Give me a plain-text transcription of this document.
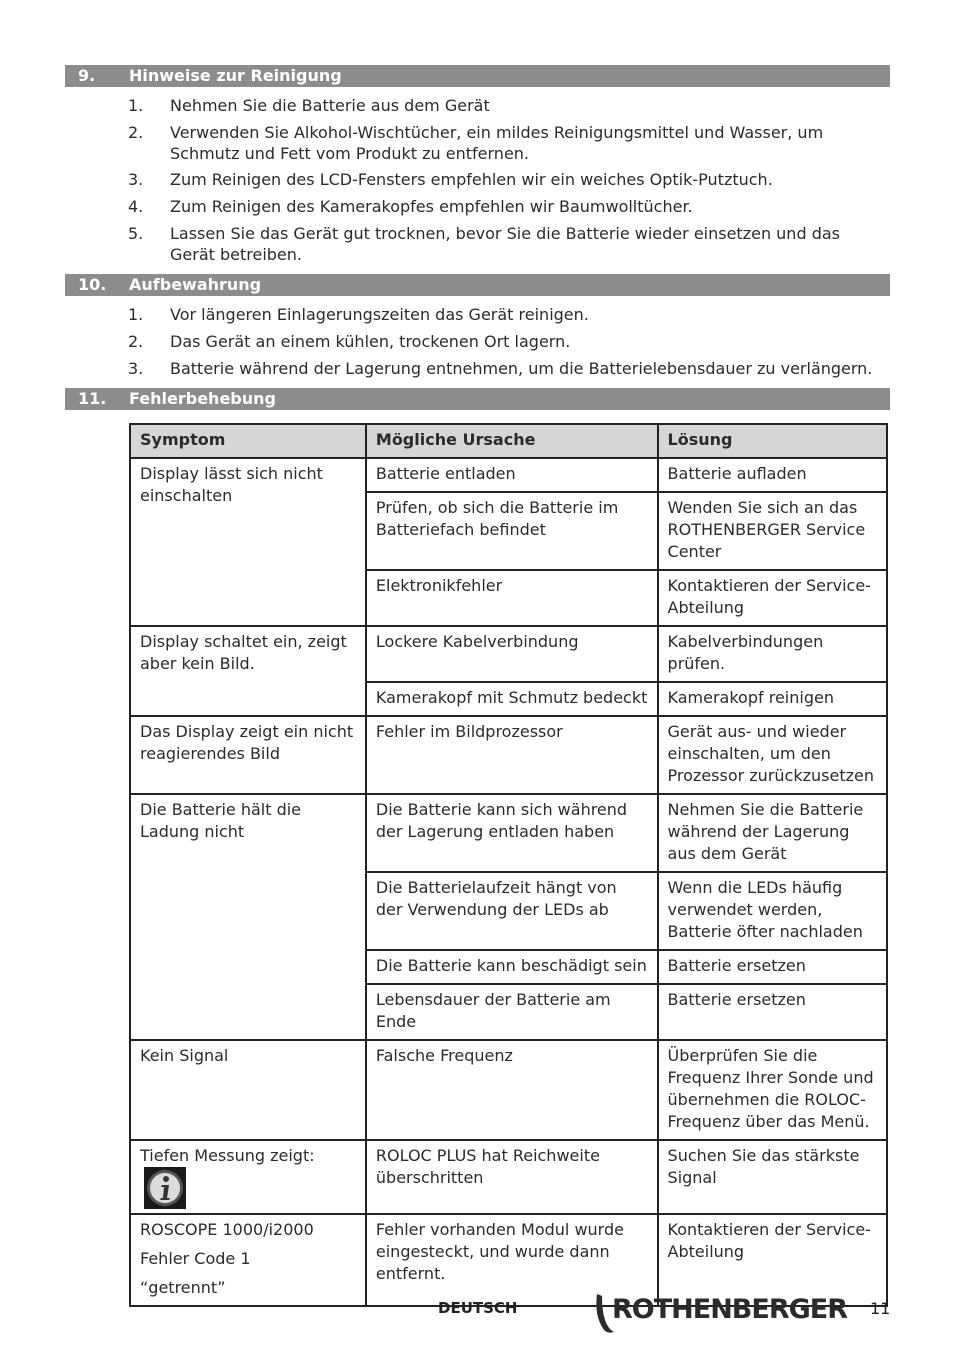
9. Hinweise zur Reinigung
1. Nehmen Sie die Batterie aus dem Gerät
2. Verwenden Sie Alkohol-Wischtücher, ein mildes Reinigungsmittel und Wasser, um Schmutz und Fett vom Produkt zu entfernen.
3. Zum Reinigen des LCD-Fensters empfehlen wir ein weiches Optik-Putztuch.
4. Zum Reinigen des Kamerakopfes empfehlen wir Baumwolltücher.
5. Lassen Sie das Gerät gut trocknen, bevor Sie die Batterie wieder einsetzen und das Gerät betreiben.
10. Aufbewahrung
1. Vor längeren Einlagerungszeiten das Gerät reinigen.
2. Das Gerät an einem kühlen, trockenen Ort lagern.
3. Batterie während der Lagerung entnehmen, um die Batterielebensdauer zu verlängern.
11. Fehlerbehebung
Symptom	Mögliche Ursache	Lösung
Display lässt sich nicht einschalten	Batterie entladen	Batterie aufladen
	Prüfen, ob sich die Batterie im Batteriefach befindet	Wenden Sie sich an das ROTHENBERGER Service Center
	Elektronikfehler	Kontaktieren der Service-Abteilung
Display schaltet ein, zeigt aber kein Bild.	Lockere Kabelverbindung	Kabelverbindungen prüfen.
	Kamerakopf mit Schmutz bedeckt	Kamerakopf reinigen
Das Display zeigt ein nicht reagierendes Bild	Fehler im Bildprozessor	Gerät aus- und wieder einschalten, um den Prozessor zurückzusetzen
Die Batterie hält die Ladung nicht	Die Batterie kann sich während der Lagerung entladen haben	Nehmen Sie die Batterie während der Lagerung aus dem Gerät
	Die Batterielaufzeit hängt von der Verwendung der LEDs ab	Wenn die LEDs häufig verwendet werden, Batterie öfter nachladen
	Die Batterie kann beschädigt sein	Batterie ersetzen
	Lebensdauer der Batterie am Ende	Batterie ersetzen
Kein Signal	Falsche Frequenz	Überprüfen Sie die Frequenz Ihrer Sonde und übernehmen die ROLOC-Frequenz über das Menü.
Tiefen Messung zeigt:	ROLOC PLUS hat Reichweite überschritten	Suchen Sie das stärkste Signal

ROSCOPE 1000/i2000
Fehler Code 1
“getrennt”	Fehler vorhanden Modul wurde eingesteckt, und wurde dann entfernt.	Kontaktieren der Service-Abteilung
DEUTSCH	ROTHENBERGER 11
